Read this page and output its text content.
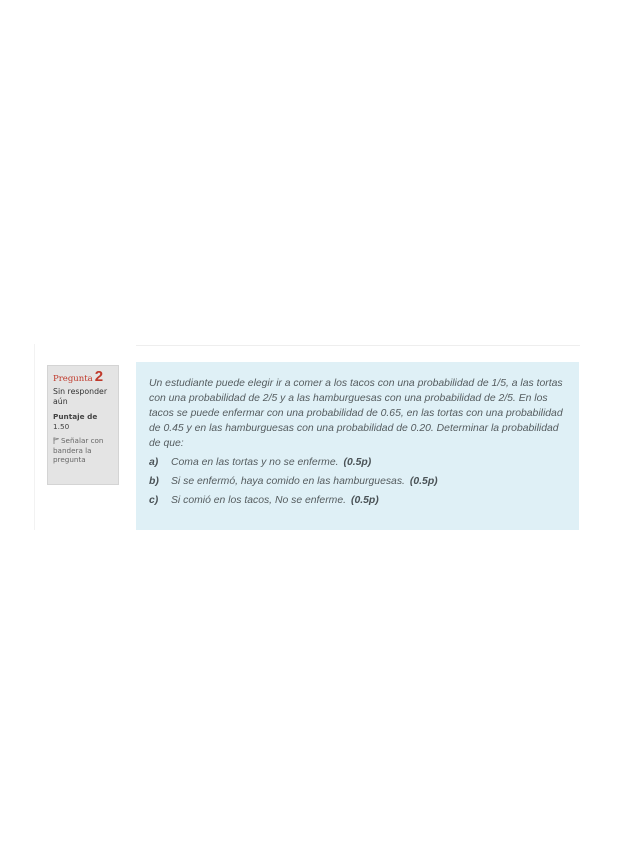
Pregunta 2
Sin responder aún
Puntaje de
1.50
Señalar con bandera la pregunta

Un estudiante puede elegir ir a comer a los tacos con una probabilidad de 1/5, a las tortas con una probabilidad de 2/5 y a las hamburguesas con una probabilidad de 2/5. En los tacos se puede enfermar con una probabilidad de 0.65, en las tortas con una probabilidad de 0.45 y en las hamburguesas con una probabilidad de 0.20. Determinar la probabilidad de que:

a)	Coma en las tortas y no se enferme. (0.5p)
b)	Si se enfermó, haya comido en las hamburguesas. (0.5p)
c)	Si comió en los tacos, No se enferme. (0.5p)
